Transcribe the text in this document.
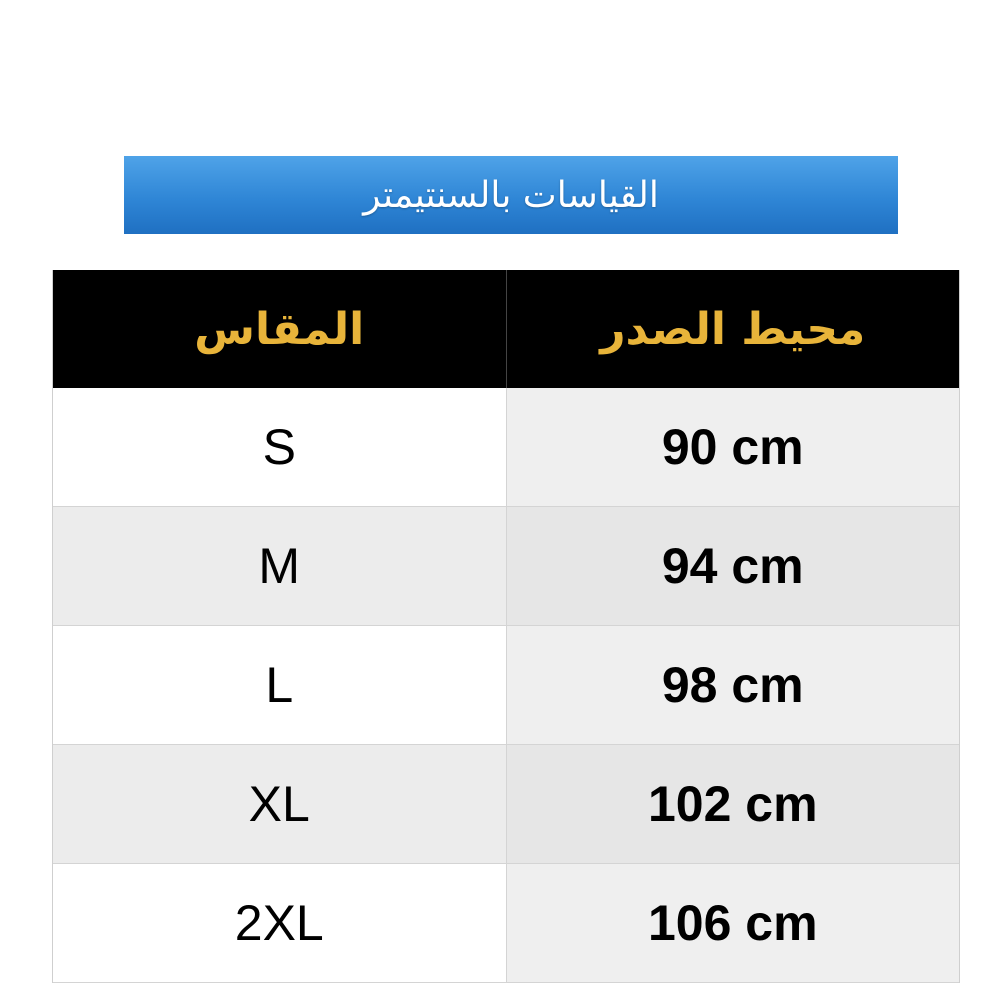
القياسات بالسنتيمتر
المقاس	محيط الصدر
S	90 cm
M	94 cm
L	98 cm
XL	102 cm
2XL	106 cm
